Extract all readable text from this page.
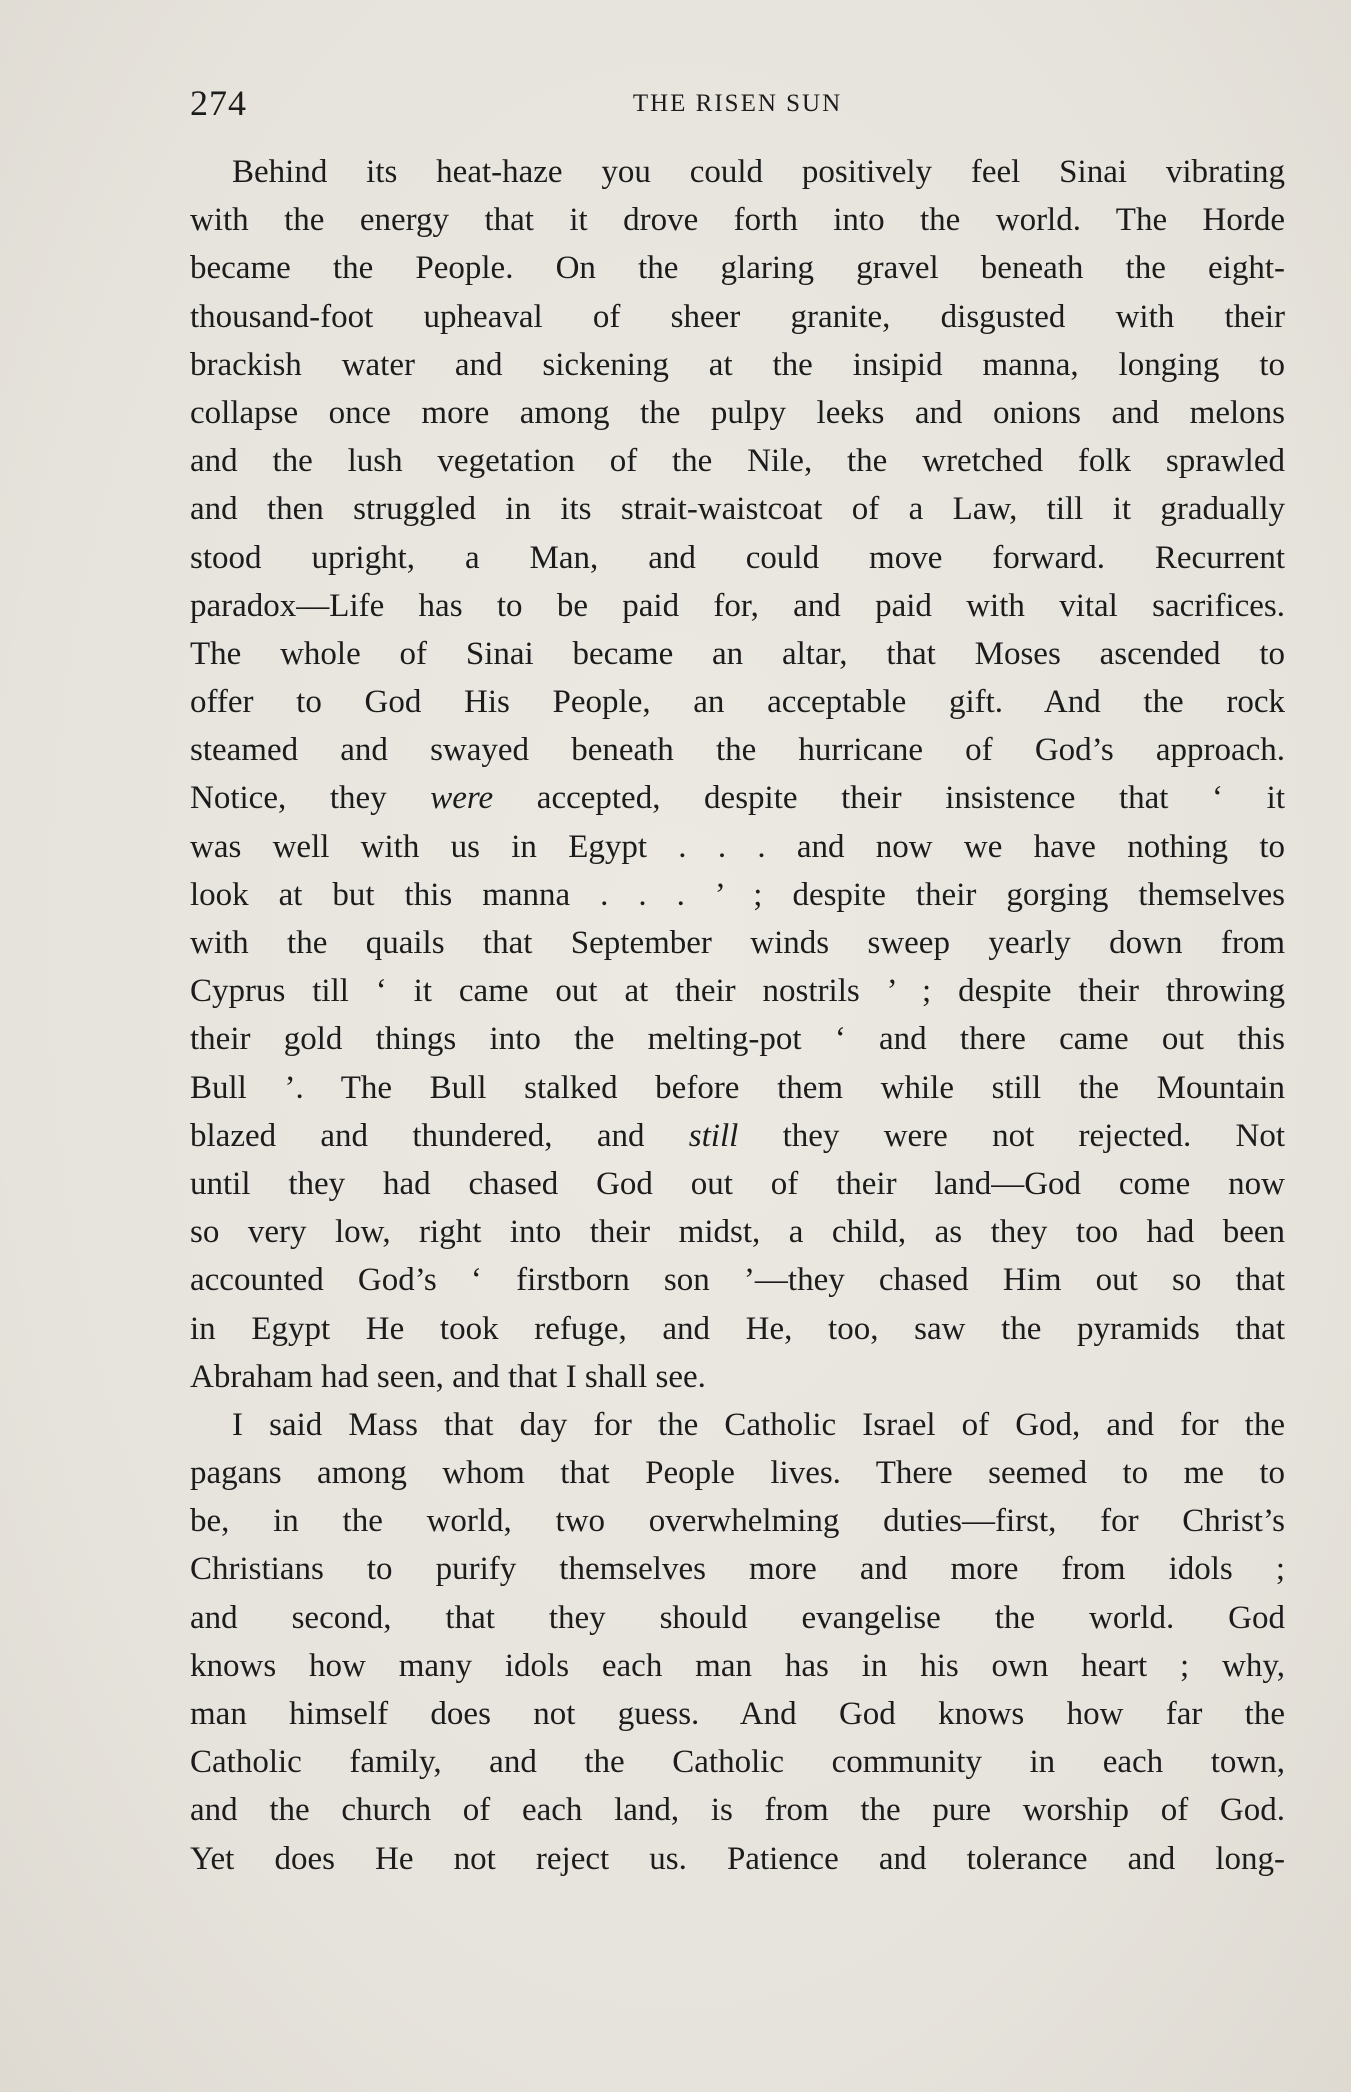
274	THE RISEN SUN
Behind its heat-haze you could positively feel Sinai vibrating
with the energy that it drove forth into the world. The Horde
became the People. On the glaring gravel beneath the eight-
thousand-foot upheaval of sheer granite, disgusted with their
brackish water and sickening at the insipid manna, longing to
collapse once more among the pulpy leeks and onions and melons
and the lush vegetation of the Nile, the wretched folk sprawled
and then struggled in its strait-waistcoat of a Law, till it gradually
stood upright, a Man, and could move forward. Recurrent
paradox—Life has to be paid for, and paid with vital sacrifices.
The whole of Sinai became an altar, that Moses ascended to
offer to God His People, an acceptable gift. And the rock
steamed and swayed beneath the hurricane of God’s approach.
Notice, they were accepted, despite their insistence that ‘ it
was well with us in Egypt . . . and now we have nothing to
look at but this manna . . . ’ ; despite their gorging themselves
with the quails that September winds sweep yearly down from
Cyprus till ‘ it came out at their nostrils ’ ; despite their throwing
their gold things into the melting-pot ‘ and there came out this
Bull ’. The Bull stalked before them while still the Mountain
blazed and thundered, and still they were not rejected. Not
until they had chased God out of their land—God come now
so very low, right into their midst, a child, as they too had been
accounted God’s ‘ firstborn son ’—they chased Him out so that
in Egypt He took refuge, and He, too, saw the pyramids that
Abraham had seen, and that I shall see.
I said Mass that day for the Catholic Israel of God, and for the
pagans among whom that People lives. There seemed to me to
be, in the world, two overwhelming duties—first, for Christ’s
Christians to purify themselves more and more from idols ;
and second, that they should evangelise the world. God
knows how many idols each man has in his own heart ; why,
man himself does not guess. And God knows how far the
Catholic family, and the Catholic community in each town,
and the church of each land, is from the pure worship of God.
Yet does He not reject us. Patience and tolerance and long-
